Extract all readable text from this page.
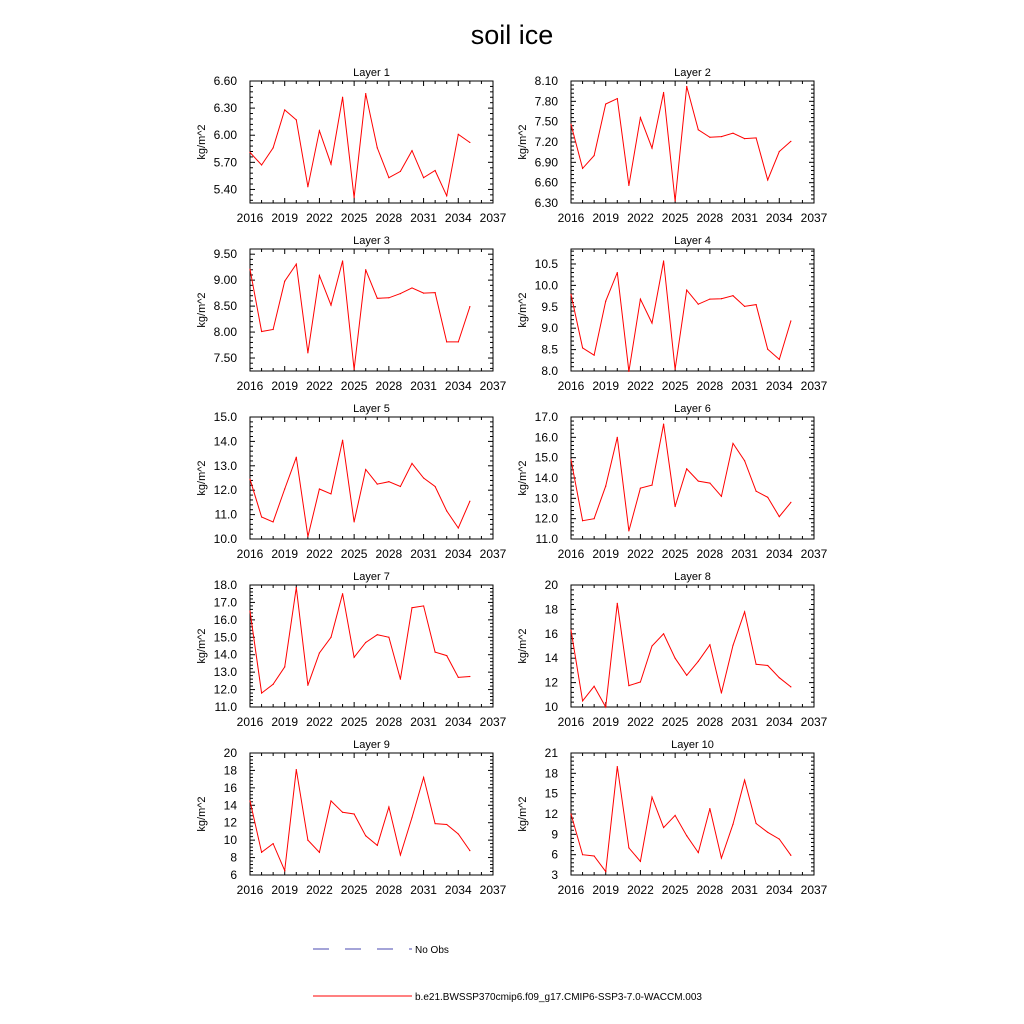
soil ice
Layer 1
kg/m^2
2016 2019 2022 2025 2028 2031 2034 2037
5.40
5.70
6.00
6.30
6.60
Layer 2
kg/m^2
2016 2019 2022 2025 2028 2031 2034 2037
6.30
6.60
6.90
7.20
7.50
7.80
8.10
Layer 3
kg/m^2
2016 2019 2022 2025 2028 2031 2034 2037
7.50
8.00
8.50
9.00
9.50
Layer 4
kg/m^2
2016 2019 2022 2025 2028 2031 2034 2037
8.0
8.5
9.0
9.5
10.0
10.5
Layer 5
kg/m^2
2016 2019 2022 2025 2028 2031 2034 2037
10.0
11.0
12.0
13.0
14.0
15.0
Layer 6
kg/m^2
2016 2019 2022 2025 2028 2031 2034 2037
11.0
12.0
13.0
14.0
15.0
16.0
17.0
Layer 7
kg/m^2
2016 2019 2022 2025 2028 2031 2034 2037
11.0
12.0
13.0
14.0
15.0
16.0
17.0
18.0
Layer 8
kg/m^2
2016 2019 2022 2025 2028 2031 2034 2037
10
12
14
16
18
20
Layer 9
kg/m^2
2016 2019 2022 2025 2028 2031 2034 2037
6
8
10
12
14
16
18
20
Layer 10
kg/m^2
2016 2019 2022 2025 2028 2031 2034 2037
3
6
9
12
15
18
21
No Obs
b.e21.BWSSP370cmip6.f09_g17.CMIP6-SSP3-7.0-WACCM.003
